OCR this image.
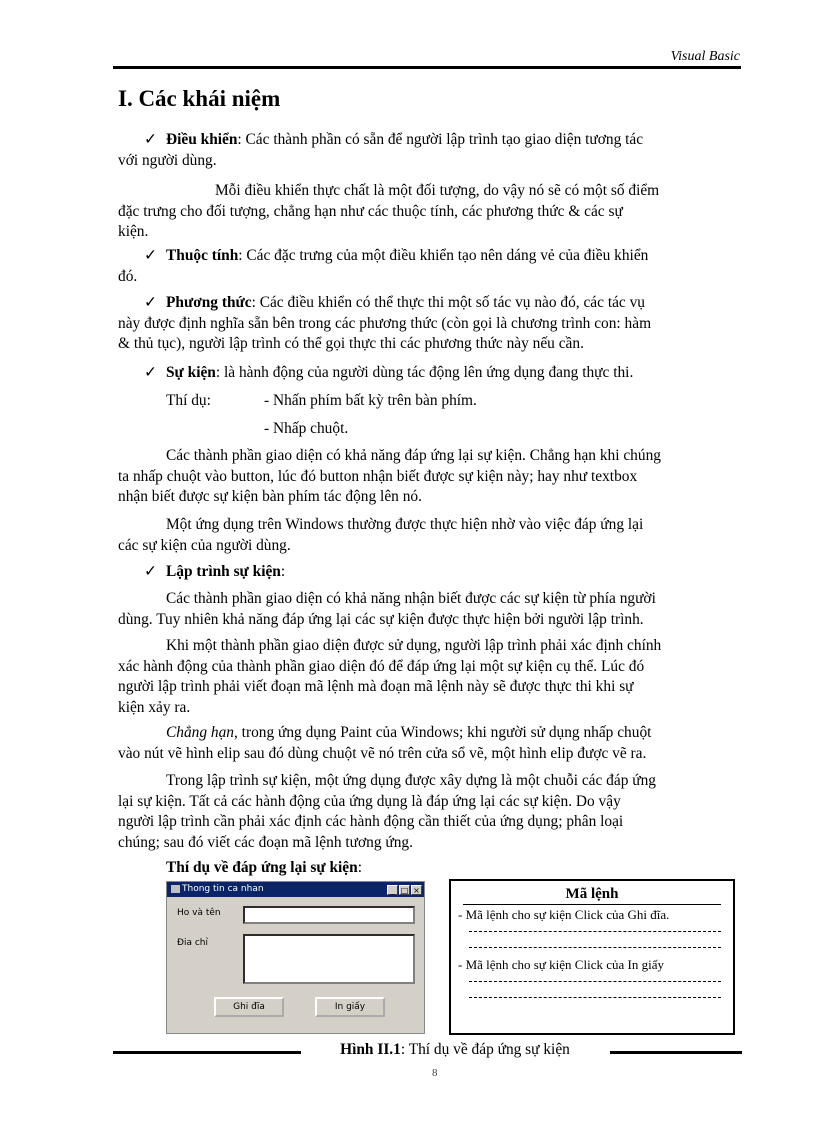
Visual Basic
I. Các khái niệm
✓ Điều khiển: Các thành phần có sẵn để người lập trình tạo giao diện tương tác
với người dùng.
Mỗi điều khiển thực chất là một đối tượng, do vậy nó sẽ có một số điểm
đặc trưng cho đối tượng, chẳng hạn như các thuộc tính, các phương thức & các sự
kiện.
✓ Thuộc tính: Các đặc trưng của một điều khiển tạo nên dáng vẻ của điều khiển
đó.
✓ Phương thức: Các điều khiển có thể thực thi một số tác vụ nào đó, các tác vụ
này được định nghĩa sẵn bên trong các phương thức (còn gọi là chương trình con: hàm
& thủ tục), người lập trình có thể gọi thực thi các phương thức này nếu cần.
✓ Sự kiện: là hành động của người dùng tác động lên ứng dụng đang thực thi.
Thí dụ:	- Nhấn phím bất kỳ trên bàn phím.
- Nhấp chuột.
Các thành phần giao diện có khả năng đáp ứng lại sự kiện. Chẳng hạn khi chúng
ta nhấp chuột vào button, lúc đó button nhận biết được sự kiện này; hay như textbox
nhận biết được sự kiện bàn phím tác động lên nó.
Một ứng dụng trên Windows thường được thực hiện nhờ vào việc đáp ứng lại
các sự kiện của người dùng.
✓ Lập trình sự kiện:
Các thành phần giao diện có khả năng nhận biết được các sự kiện từ phía người
dùng. Tuy nhiên khả năng đáp ứng lại các sự kiện được thực hiện bởi người lập trình.
Khi một thành phần giao diện được sử dụng, người lập trình phải xác định chính
xác hành động của thành phần giao diện đó để đáp ứng lại một sự kiện cụ thể. Lúc đó
người lập trình phải viết đoạn mã lệnh mà đoạn mã lệnh này sẽ được thực thi khi sự
kiện xảy ra.
Chẳng hạn, trong ứng dụng Paint của Windows; khi người sử dụng nhấp chuột
vào nút vẽ hình elip sau đó dùng chuột vẽ nó trên cửa sổ vẽ, một hình elip được vẽ ra.
Trong lập trình sự kiện, một ứng dụng được xây dựng là một chuỗi các đáp ứng
lại sự kiện. Tất cả các hành động của ứng dụng là đáp ứng lại các sự kiện. Do vậy
người lập trình cần phải xác định các hành động cần thiết của ứng dụng; phân loại
chúng; sau đó viết các đoạn mã lệnh tương ứng.
Thí dụ về đáp ứng lại sự kiện:
Thong tin ca nhan	_ □ ×
Ho và tên
Đia chỉ
Ghi đĩa	In giấy
Mã lệnh
- Mã lệnh cho sự kiện Click của Ghi đĩa.
- Mã lệnh cho sự kiện Click của In giấy
Hình II.1: Thí dụ về đáp ứng sự kiện
8
